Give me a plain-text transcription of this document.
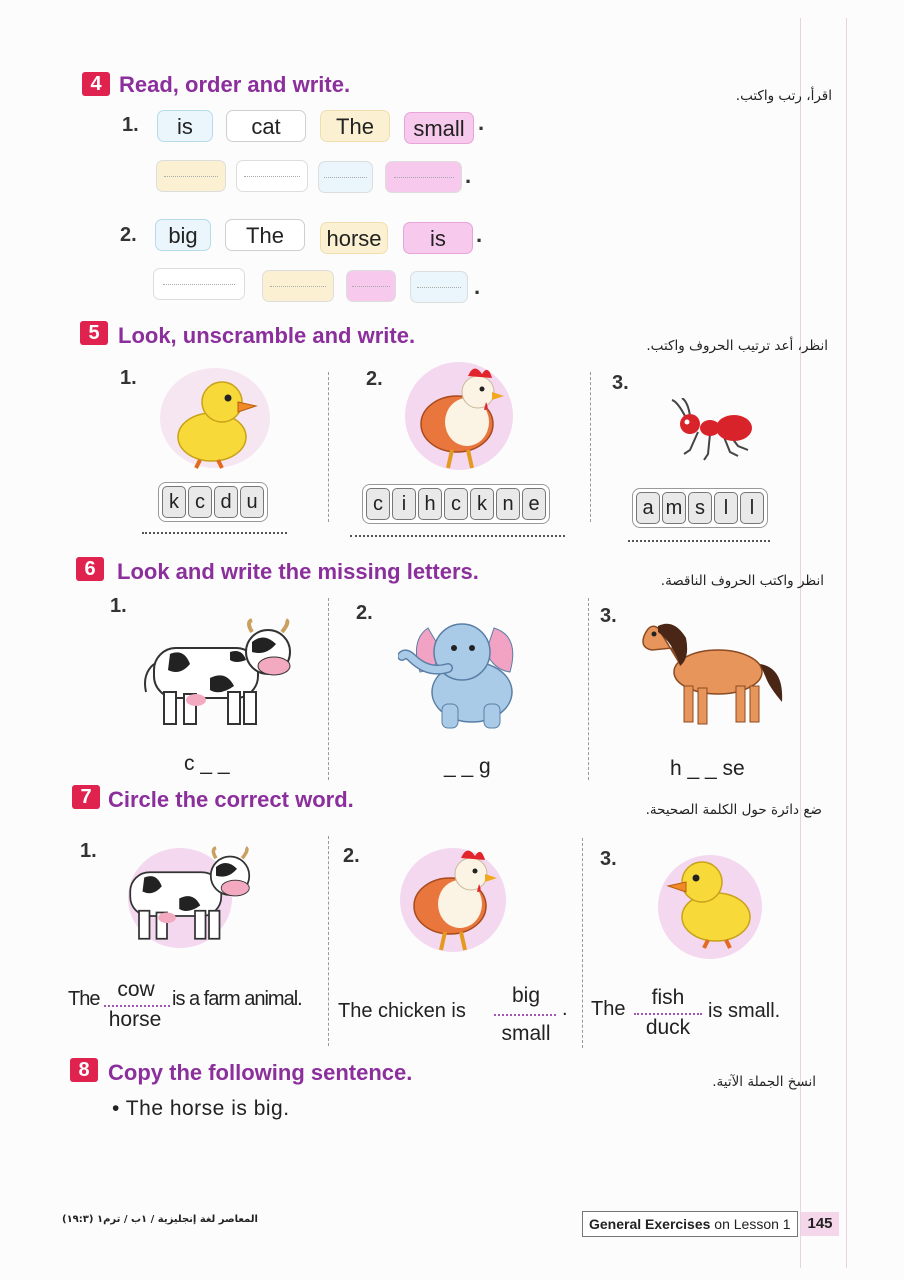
4 Read, order and write.	اقرأ، رتب واكتب.
1.	is	cat	The	small .
.
2.	big	The	horse	is	.
.
5 Look, unscramble and write.	انظر، أعد ترتيب الحروف واكتب.
1.
k c d u
2.
c i h c k n e
3.
a m s l	l
6 Look and write the missing letters.	انظر واكتب الحروف الناقصة.
1.
c _ _
2.
_ _ g
3.
h _ _ se
7 Circle the correct word.	ضع دائرة حول الكلمة الصحيحة.
1.
The cow
horse
is a farm animal.
2.
The chicken is
big
small
.
3.
The	fish
duck
is small.
8 Copy the following sentence.	انسخ الجملة الآتية.
• The horse is big.
المعاصر لغة إنجليزية / ١ب / ترم١ (١٩:٣)	General Exercises on Lesson 1	145
